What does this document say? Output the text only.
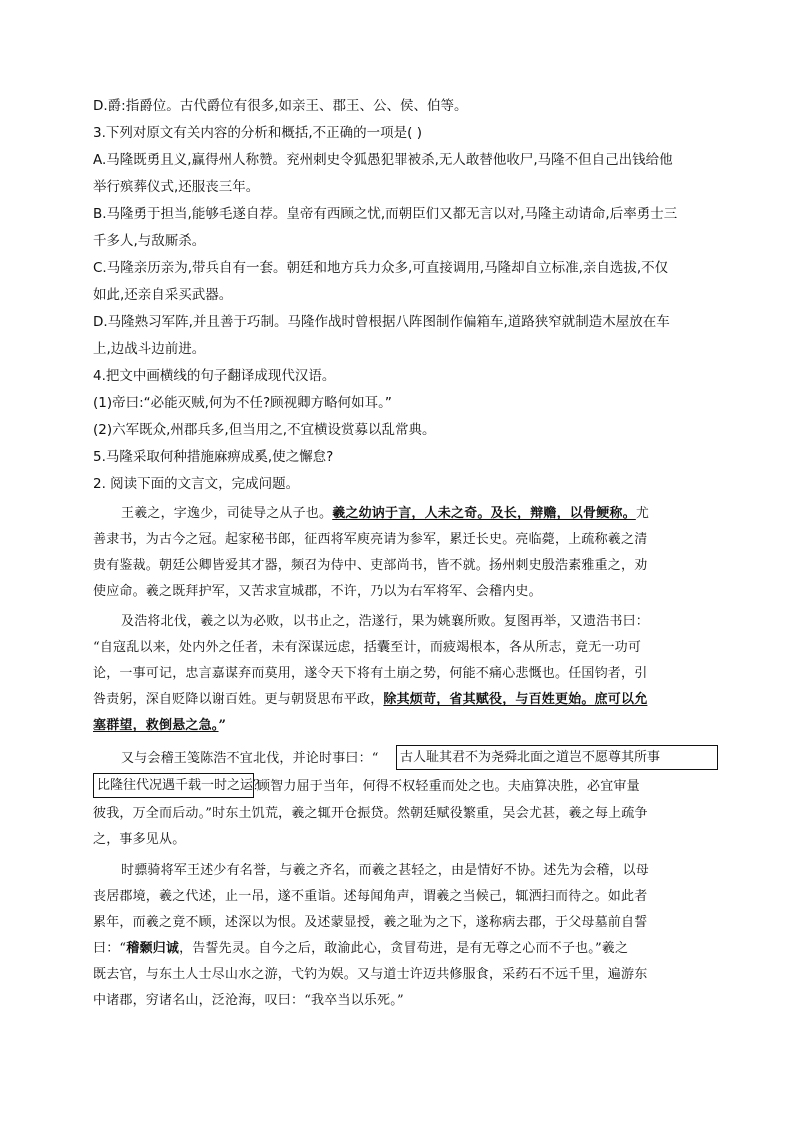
D.爵:指爵位。古代爵位有很多,如亲王、郡王、公、侯、伯等。
3.下列对原文有关内容的分析和概括,不正确的一项是( )
A.马隆既勇且义,赢得州人称赞。兖州刺史令狐愚犯罪被杀,无人敢替他收尸,马隆不但自己出钱给他
举行殡葬仪式,还服丧三年。
B.马隆勇于担当,能够毛遂自荐。皇帝有西顾之忧,而朝臣们又都无言以对,马隆主动请命,后率勇士三
千多人,与敌厮杀。
C.马隆亲历亲为,带兵自有一套。朝廷和地方兵力众多,可直接调用,马隆却自立标准,亲自选拔,不仅
如此,还亲自采买武器。
D.马隆熟习军阵,并且善于巧制。马隆作战时曾根据八阵图制作偏箱车,道路狭窄就制造木屋放在车
上,边战斗边前进。
4.把文中画横线的句子翻译成现代汉语。
(1)帝曰:“必能灭贼,何为不任?顾视卿方略何如耳。”
(2)六军既众,州郡兵多,但当用之,不宜横设赏募以乱常典。
5.马隆采取何种措施麻痹成奚,使之懈怠?
2. 阅读下面的文言文，完成问题。
王羲之，字逸少，司徒导之从子也。羲之幼讷于言，人未之奇。及长，辩赡，以骨鲠称。尤
善隶书，为古今之冠。起家秘书郎，征西将军庾亮请为参军，累迁长史。亮临薨，上疏称羲之清
贵有鉴裁。朝廷公卿皆爱其才器，频召为侍中、吏部尚书，皆不就。扬州刺史殷浩素雅重之，劝
使应命。羲之既拜护军，又苦求宣城郡，不许，乃以为右军将军、会稽内史。
及浩将北伐，羲之以为必败，以书止之，浩遂行，果为姚襄所败。复图再举，又遗浩书曰：
“自寇乱以来，处内外之任者，未有深谋远虑，括囊至计，而疲竭根本，各从所志，竟无一功可
论，一事可记，忠言嘉谋弃而莫用，遂令天下将有土崩之势，何能不痛心悲慨也。任国钧者，引
咎责躬，深自贬降以谢百姓。更与朝贤思布平政，除其烦苛，省其赋役，与百姓更始。庶可以允
塞群望，救倒悬之急。”
又与会稽王笺陈浩不宜北伐，并论时事曰：“	古人耻其君不为尧舜北面之道岂不愿尊其所事
比隆往代况遇千载一时之运？
顾智力屈于当年，何得不权轻重而处之也。夫庙算决胜，必宜审量
彼我，万全而后动。”时东土饥荒，羲之辄开仓振贷。然朝廷赋役繁重，吴会尤甚，羲之每上疏争
之，事多见从。
时骠骑将军王述少有名誉，与羲之齐名，而羲之甚轻之，由是情好不协。述先为会稽，以母
丧居郡境，羲之代述，止一吊，遂不重诣。述每闻角声，谓羲之当候己，辄洒扫而待之。如此者
累年，而羲之竟不顾，述深以为恨。及述蒙显授，羲之耻为之下，遂称病去郡，于父母墓前自誓
曰：“稽颡归诚，告誓先灵。自今之后，敢渝此心，贪冒苟进，是有无尊之心而不子也。”羲之
既去官，与东土人士尽山水之游，弋钓为娱。又与道士许迈共修服食，采药石不远千里，遍游东
中诸郡，穷诸名山，泛沧海，叹曰：“我卒当以乐死。”
